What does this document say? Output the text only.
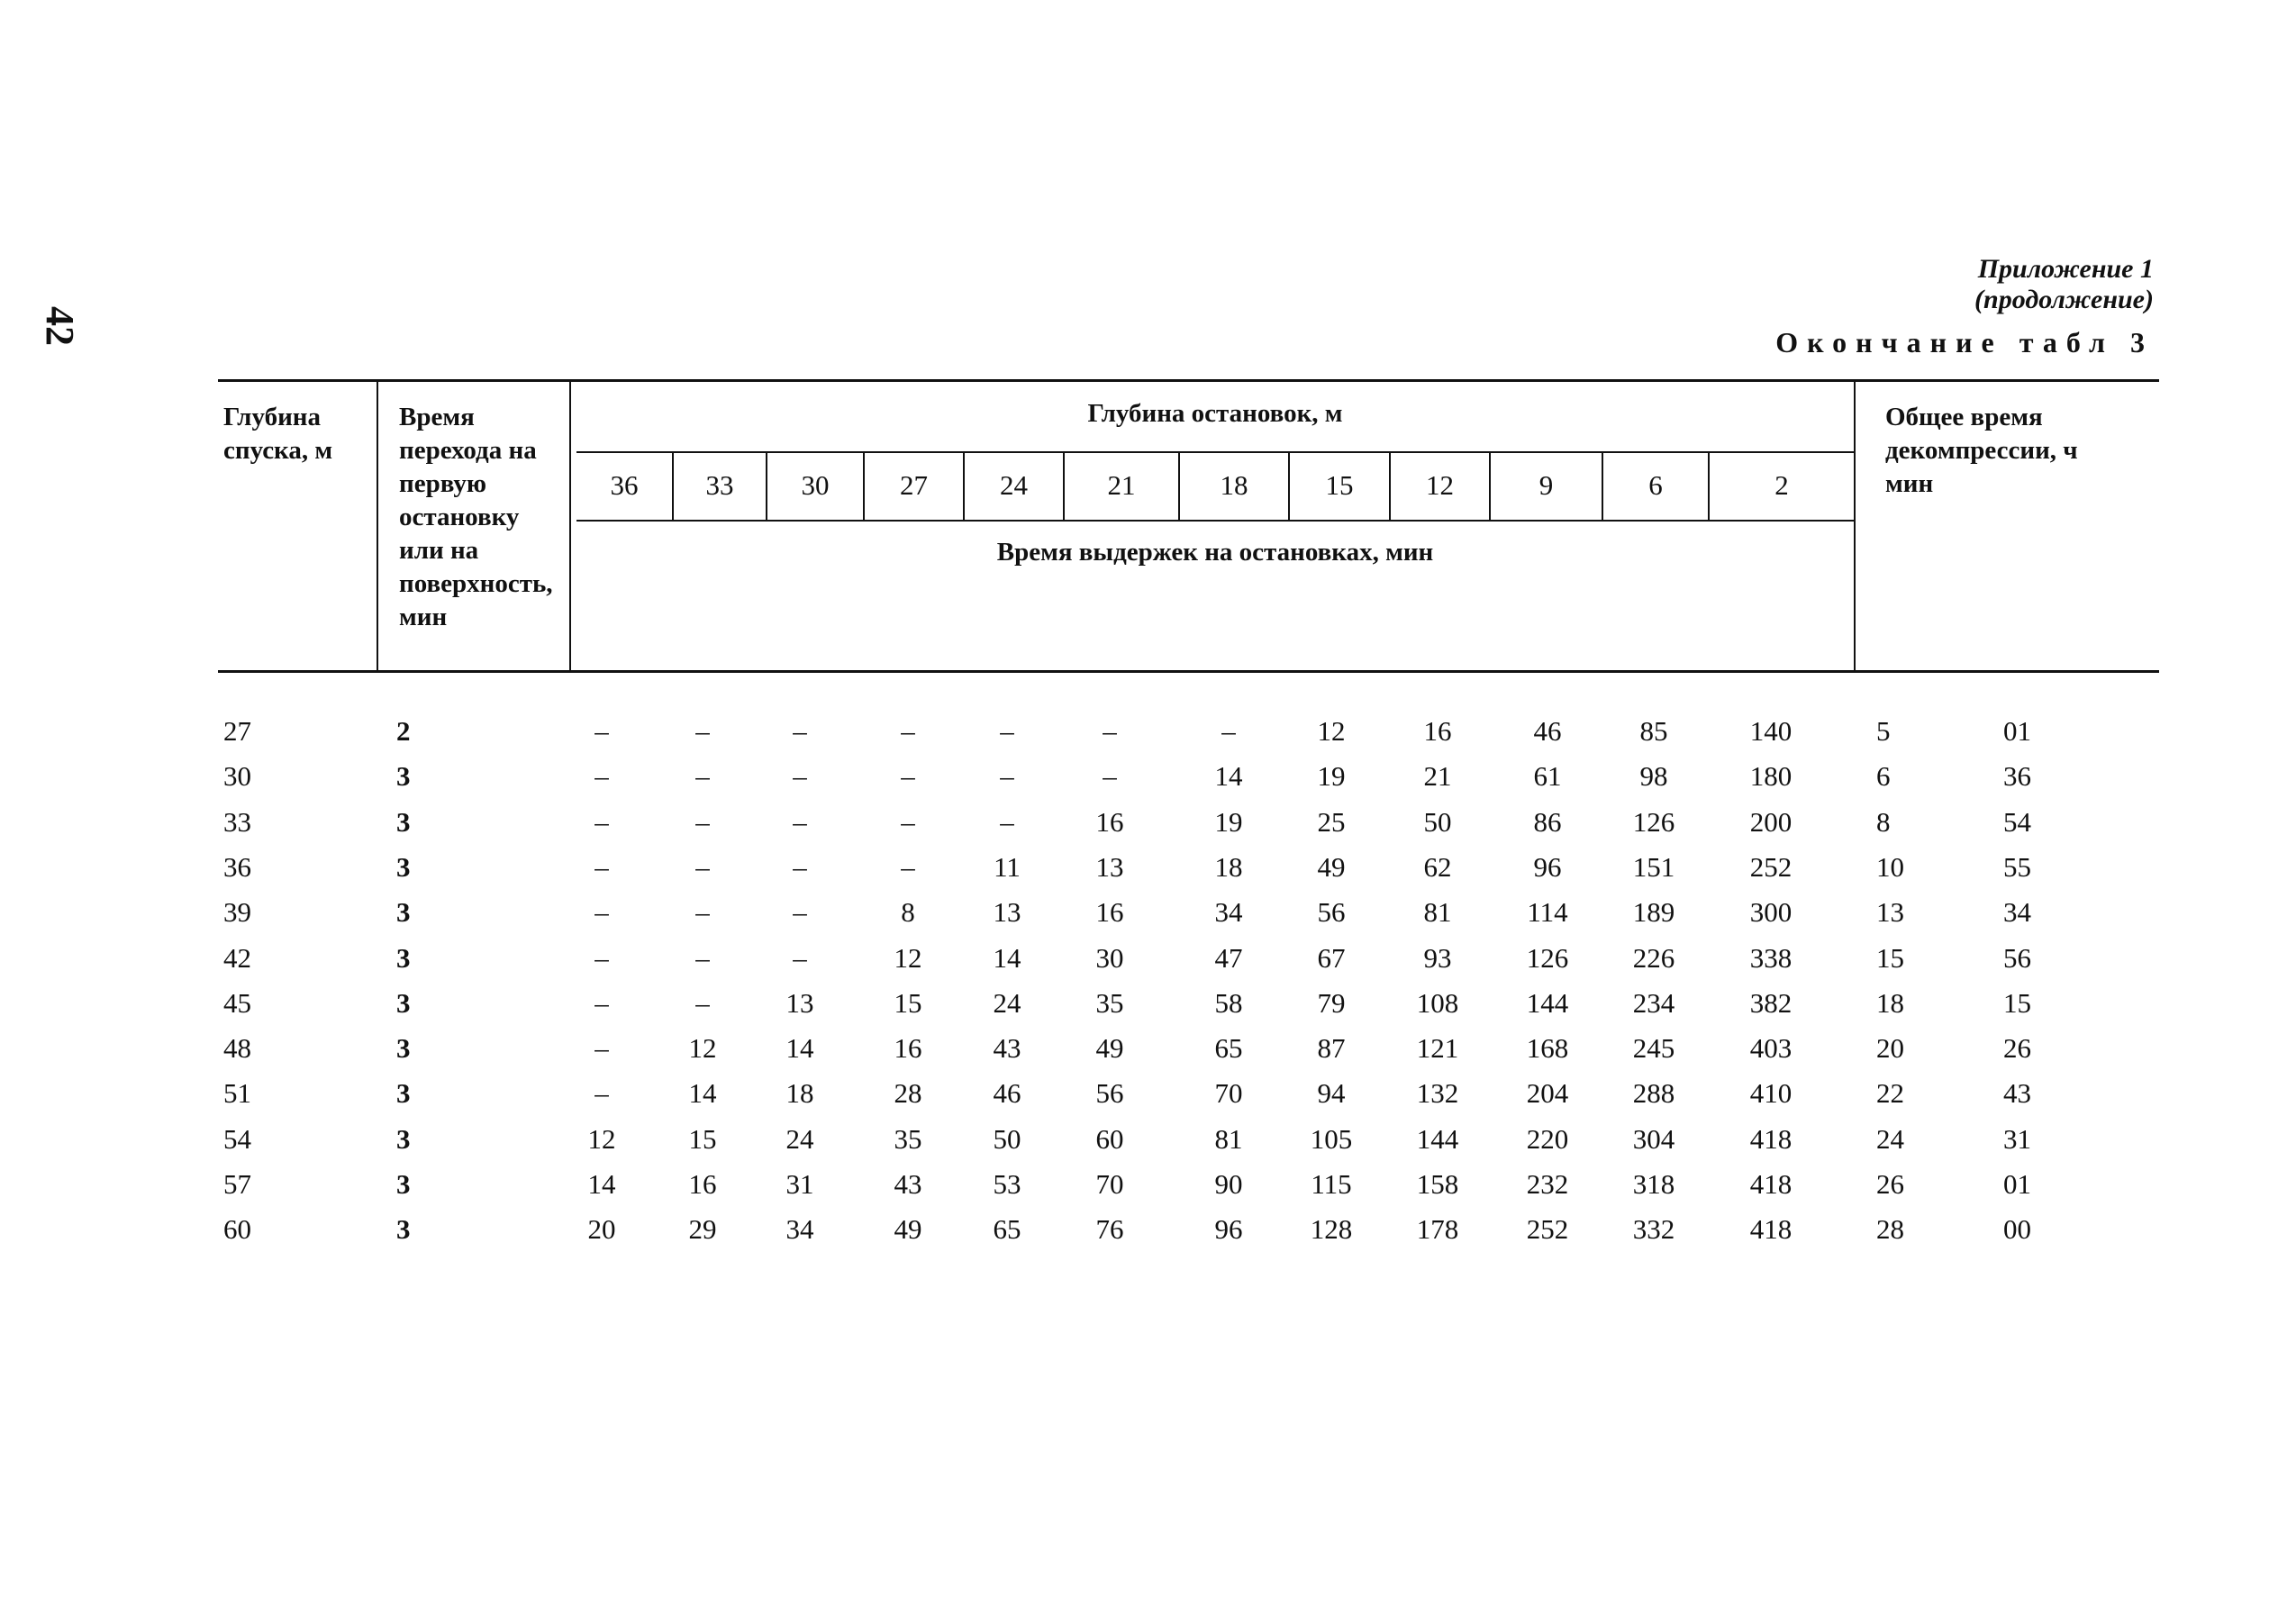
42
Приложение 1
(продолжение)
Окончание табл 3
Глубина спуска, м
Время перехода на первую остановку или на поверхность, мин
Глубина остановок, м
Время выдержек на остановках, мин
Общее время декомпрессии, ч мин
36	33	30	27	24	21	18	15	12	9	6	2
27	2	–	–	–	–	–	–	–	12	16	46	85	140	5	01
30	3	–	–	–	–	–	–	14	19	21	61	98	180	6	36
33	3	–	–	–	–	–	16	19	25	50	86	126	200	8	54
36	3	–	–	–	–	11	13	18	49	62	96	151	252	10	55
39	3	–	–	–	8	13	16	34	56	81	114	189	300	13	34
42	3	–	–	–	12	14	30	47	67	93	126	226	338	15	56
45	3	–	–	13	15	24	35	58	79	108	144	234	382	18	15
48	3	–	12	14	16	43	49	65	87	121	168	245	403	20	26
51	3	–	14	18	28	46	56	70	94	132	204	288	410	22	43
54	3	12	15	24	35	50	60	81	105	144	220	304	418	24	31
57	3	14	16	31	43	53	70	90	115	158	232	318	418	26	01
60	3	20	29	34	49	65	76	96	128	178	252	332	418	28	00
